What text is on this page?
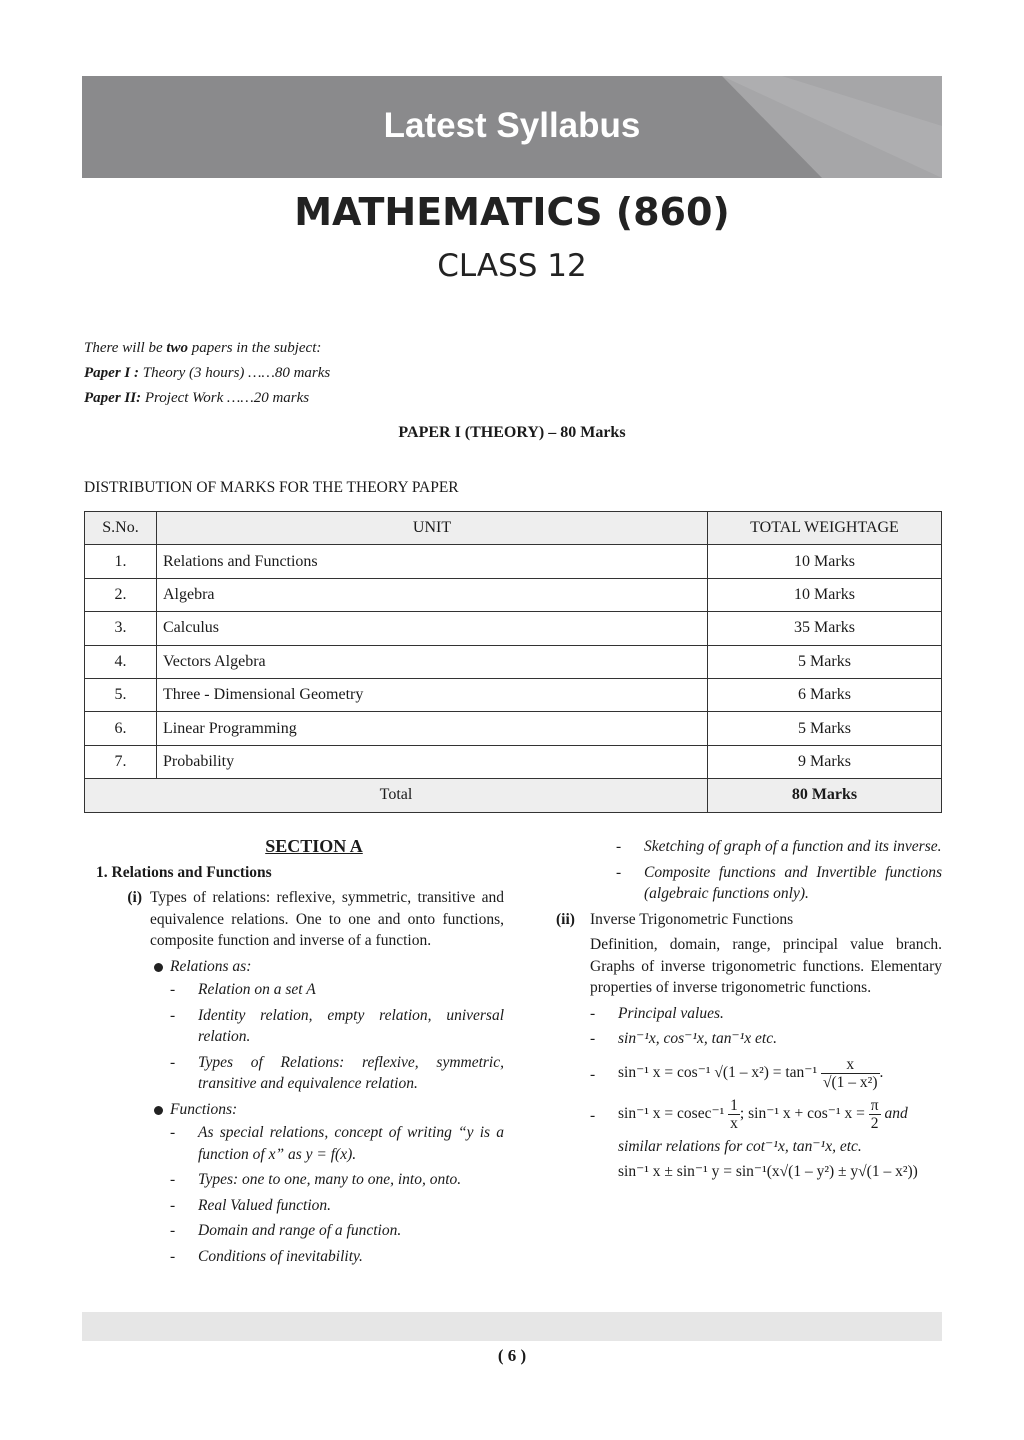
Latest Syllabus
MATHEMATICS (860)
CLASS 12
There will be two papers in the subject:
Paper I : Theory (3 hours) ……80 marks
Paper II: Project Work ……20 marks
PAPER I (THEORY) – 80 Marks
DISTRIBUTION OF MARKS FOR THE THEORY PAPER
S.No.	UNIT	TOTAL WEIGHTAGE
1.	Relations and Functions	10 Marks
2.	Algebra	10 Marks
3.	Calculus	35 Marks
4.	Vectors Algebra	5 Marks
5.	Three - Dimensional Geometry	6 Marks
6.	Linear Programming	5 Marks
7.	Probability	9 Marks
Total		80 Marks
SECTION A
1. Relations and Functions
(i) Types of relations: reflexive, symmetric, transitive and equivalence relations. One to one and onto functions, composite function and inverse of a function.
Relations as:
-	Relation on a set A
-	Identity relation, empty relation, universal relation.
-	Types of Relations: reflexive, symmetric, transitive and equivalence relation.
Functions:
-	As special relations, concept of writing “y is a function of x” as y = f(x).
-	Types: one to one, many to one, into, onto.
-	Real Valued function.
-	Domain and range of a function.
-	Conditions of inevitability.
-	Sketching of graph of a function and its inverse.
-	Composite functions and Invertible functions (algebraic functions only).
(ii) Inverse Trigonometric Functions
Definition, domain, range, principal value branch. Graphs of inverse trigonometric functions. Elementary properties of inverse trigonometric functions.
-	Principal values.
-	sin⁻¹x, cos⁻¹x, tan⁻¹x etc.
-	sin⁻¹ x = cos⁻¹ $√(1 - x^2) = \tan^{-1} \frac{x}{\text{√(1 – x²)}}$ .
-	sin⁻¹ $x = cosec^{-1} \frac{1}{x}$ ; sin⁻¹ x + cos⁻¹ $x = \frac{\pi}{2}$ and
similar relations for cot⁻¹x, tan⁻¹x, etc.
sin⁻¹ x ± sin⁻¹ y = sin⁻¹(x√(1 – y²) ± y√(1 – x²))
( 6 )
